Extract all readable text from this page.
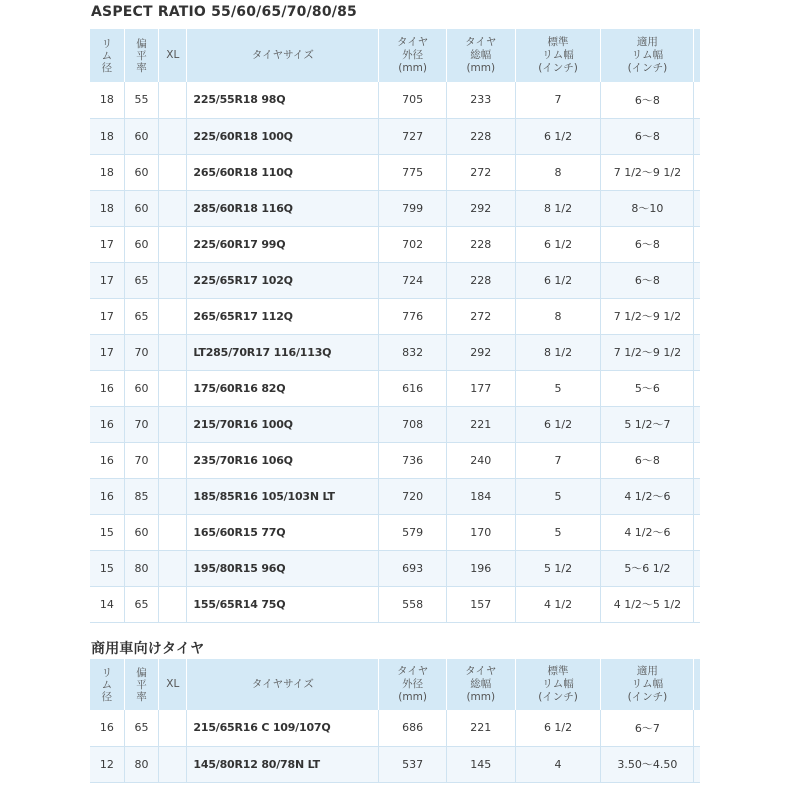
ASPECT RATIO 55/60/65/70/80/85
リ
ム
径	偏
平
率	XL	タイヤサイズ	タイヤ
外径
(mm)	タイヤ
総幅
(mm)	標準
リム幅
(インチ)	適用
リム幅
(インチ)	
18	55		225/55R18 98Q	705	233	7	6～8	
18	60		225/60R18 100Q	727	228	6 1/2	6～8	
18	60		265/60R18 110Q	775	272	8	7 1/2～9 1/2	
18	60		285/60R18 116Q	799	292	8 1/2	8～10	
17	60		225/60R17 99Q	702	228	6 1/2	6～8	
17	65		225/65R17 102Q	724	228	6 1/2	6～8	
17	65		265/65R17 112Q	776	272	8	7 1/2～9 1/2	
17	70		LT285/70R17 116/113Q	832	292	8 1/2	7 1/2～9 1/2	
16	60		175/60R16 82Q	616	177	5	5～6	
16	70		215/70R16 100Q	708	221	6 1/2	5 1/2～7	
16	70		235/70R16 106Q	736	240	7	6～8	
16	85		185/85R16 105/103N LT	720	184	5	4 1/2～6	
15	60		165/60R15 77Q	579	170	5	4 1/2～6	
15	80		195/80R15 96Q	693	196	5 1/2	5～6 1/2	
14	65		155/65R14 75Q	558	157	4 1/2	4 1/2～5 1/2	
商用車向けタイヤ
リ
ム
径	偏
平
率	XL	タイヤサイズ	タイヤ
外径
(mm)	タイヤ
総幅
(mm)	標準
リム幅
(インチ)	適用
リム幅
(インチ)	
16	65		215/65R16 C 109/107Q	686	221	6 1/2	6～7	
12	80		145/80R12 80/78N LT	537	145	4	3.50～4.50	
